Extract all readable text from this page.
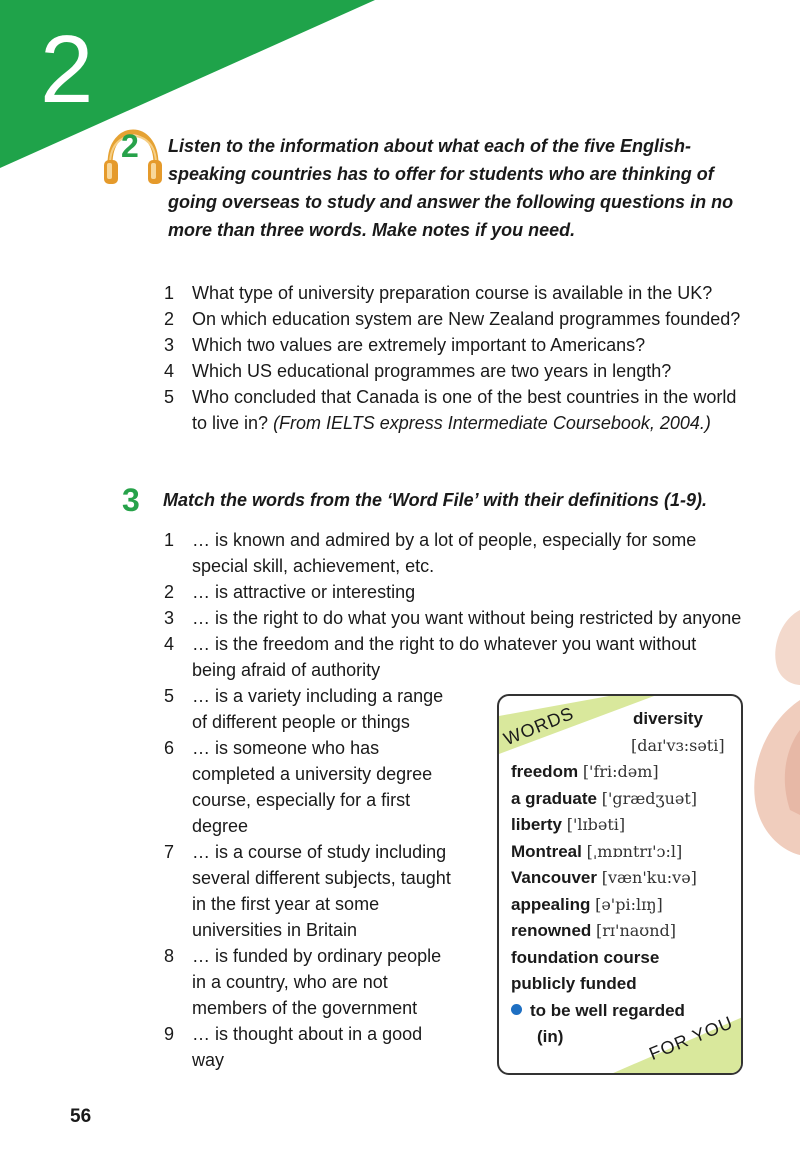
2
2 Listen to the information about what each of the five English-speaking countries has to offer for students who are thinking of going overseas to study and answer the following questions in no more than three words. Make notes if you need.

1 What type of university preparation course is available in the UK?
2 On which education system are New Zealand programmes founded?
3 Which two values are extremely important to Americans?
4 Which US educational programmes are two years in length?
5 Who concluded that Canada is one of the best countries in the world to live in? (From IELTS express Intermediate Coursebook, 2004.)
3 Match the words from the ‘Word File’ with their definitions (1-9).

1 … is known and admired by a lot of people, especially for some special skill, achievement, etc.
2 … is attractive or interesting
3 … is the right to do what you want without being restricted by anyone
4 … is the freedom and the right to do whatever you want without being afraid of authority
5 … is a variety including a range of different people or things
6 … is someone who has completed a university degree course, especially for a first degree
7 … is a course of study including several different subjects, taught in the first year at some universities in Britain
8 … is funded by ordinary people in a country, who are not members of the government
9 … is thought about in a good way
WORDS
FOR YOU
diversity
[daɪ'vɜ:səti]
freedom ['fri:dəm]
a graduate ['grædʒuət]
liberty ['lɪbəti]
Montreal [ˌmɒntrɪ'ɔ:l]
Vancouver [væn'ku:və]
appealing [ə'pi:lɪŋ]
renowned [rɪ'naʊnd]
foundation course
publicly funded
to be well regarded
(in)
56
